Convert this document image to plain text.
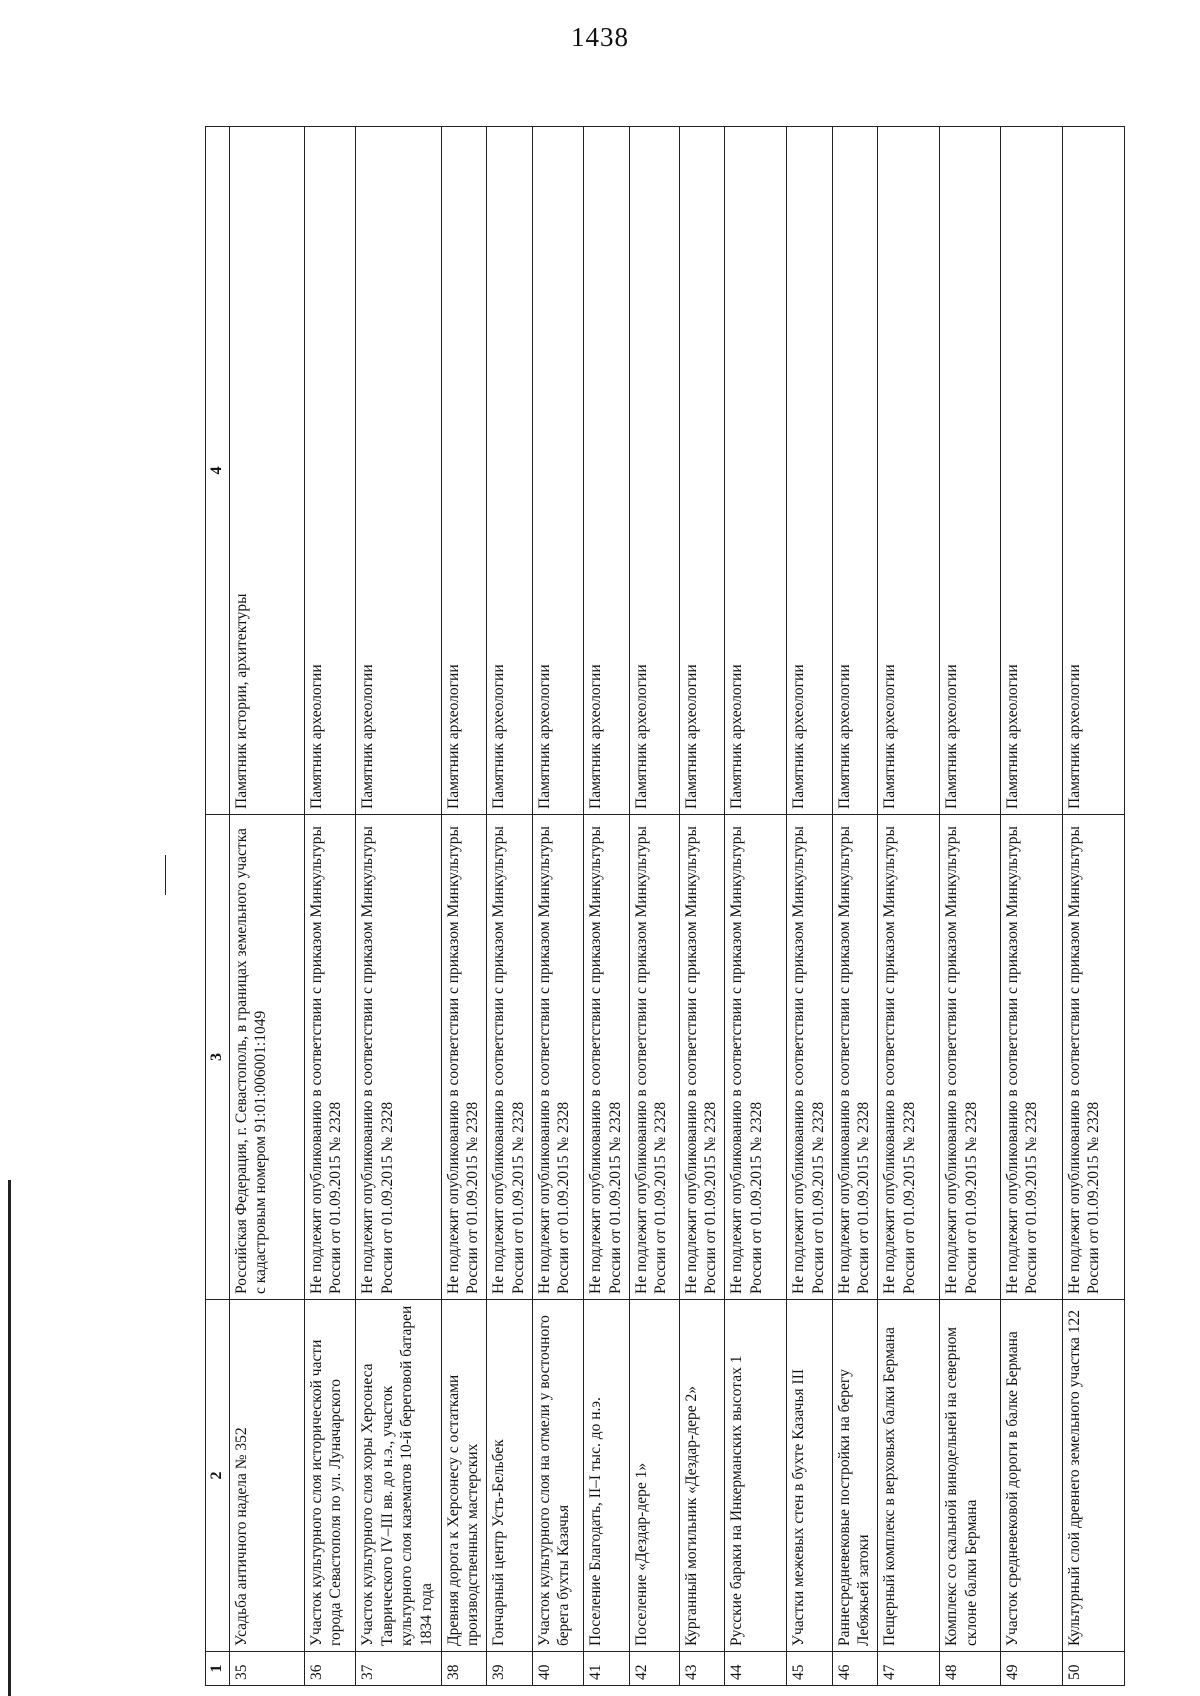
1438
1	2	3	4
35	Усадьба античного надела № 352	Российская Федерация, г. Севастополь, в границах земельного участка с кадастровым номером 91:01:006001:1049	Памятник истории, архитектуры
36	Участок культурного слоя исторической части города Севастополя по ул. Луначарского	Не подлежит опубликованию в соответствии с приказом Минкультуры России от 01.09.2015 № 2328	Памятник археологии
37	Участок культурного слоя хоры Херсонеса Таврического IV–III вв. до н.э., участок культурного слоя казематов 10-й береговой батареи 1834 года	Не подлежит опубликованию в соответствии с приказом Минкультуры России от 01.09.2015 № 2328	Памятник археологии
38	Древняя дорога к Херсонесу с остатками производственных мастерских	Не подлежит опубликованию в соответствии с приказом Минкультуры России от 01.09.2015 № 2328	Памятник археологии
39	Гончарный центр Усть-Бельбек	Не подлежит опубликованию в соответствии с приказом Минкультуры России от 01.09.2015 № 2328	Памятник археологии
40	Участок культурного слоя на отмели у восточного берега бухты Казачья	Не подлежит опубликованию в соответствии с приказом Минкультуры России от 01.09.2015 № 2328	Памятник археологии
41	Поселение Благодать, II–I тыс. до н.э.	Не подлежит опубликованию в соответствии с приказом Минкультуры России от 01.09.2015 № 2328	Памятник археологии
42	Поселение «Дездар-дере 1»	Не подлежит опубликованию в соответствии с приказом Минкультуры России от 01.09.2015 № 2328	Памятник археологии
43	Курганный могильник «Дездар-дере 2»	Не подлежит опубликованию в соответствии с приказом Минкультуры России от 01.09.2015 № 2328	Памятник археологии
44	Русские бараки на Инкерманских высотах 1	Не подлежит опубликованию в соответствии с приказом Минкультуры России от 01.09.2015 № 2328	Памятник археологии
45	Участки межевых стен в бухте Казачья III	Не подлежит опубликованию в соответствии с приказом Минкультуры России от 01.09.2015 № 2328	Памятник археологии
46	Раннесредневековые постройки на берегу Лебяжьей затоки	Не подлежит опубликованию в соответствии с приказом Минкультуры России от 01.09.2015 № 2328	Памятник археологии
47	Пещерный комплекс в верховьях балки Бермана	Не подлежит опубликованию в соответствии с приказом Минкультуры России от 01.09.2015 № 2328	Памятник археологии
48	Комплекс со скальной винодельней на северном склоне балки Бермана	Не подлежит опубликованию в соответствии с приказом Минкультуры России от 01.09.2015 № 2328	Памятник археологии
49	Участок средневековой дороги в балке Бермана	Не подлежит опубликованию в соответствии с приказом Минкультуры России от 01.09.2015 № 2328	Памятник археологии
50	Культурный слой древнего земельного участка 122	Не подлежит опубликованию в соответствии с приказом Минкультуры России от 01.09.2015 № 2328	Памятник археологии
